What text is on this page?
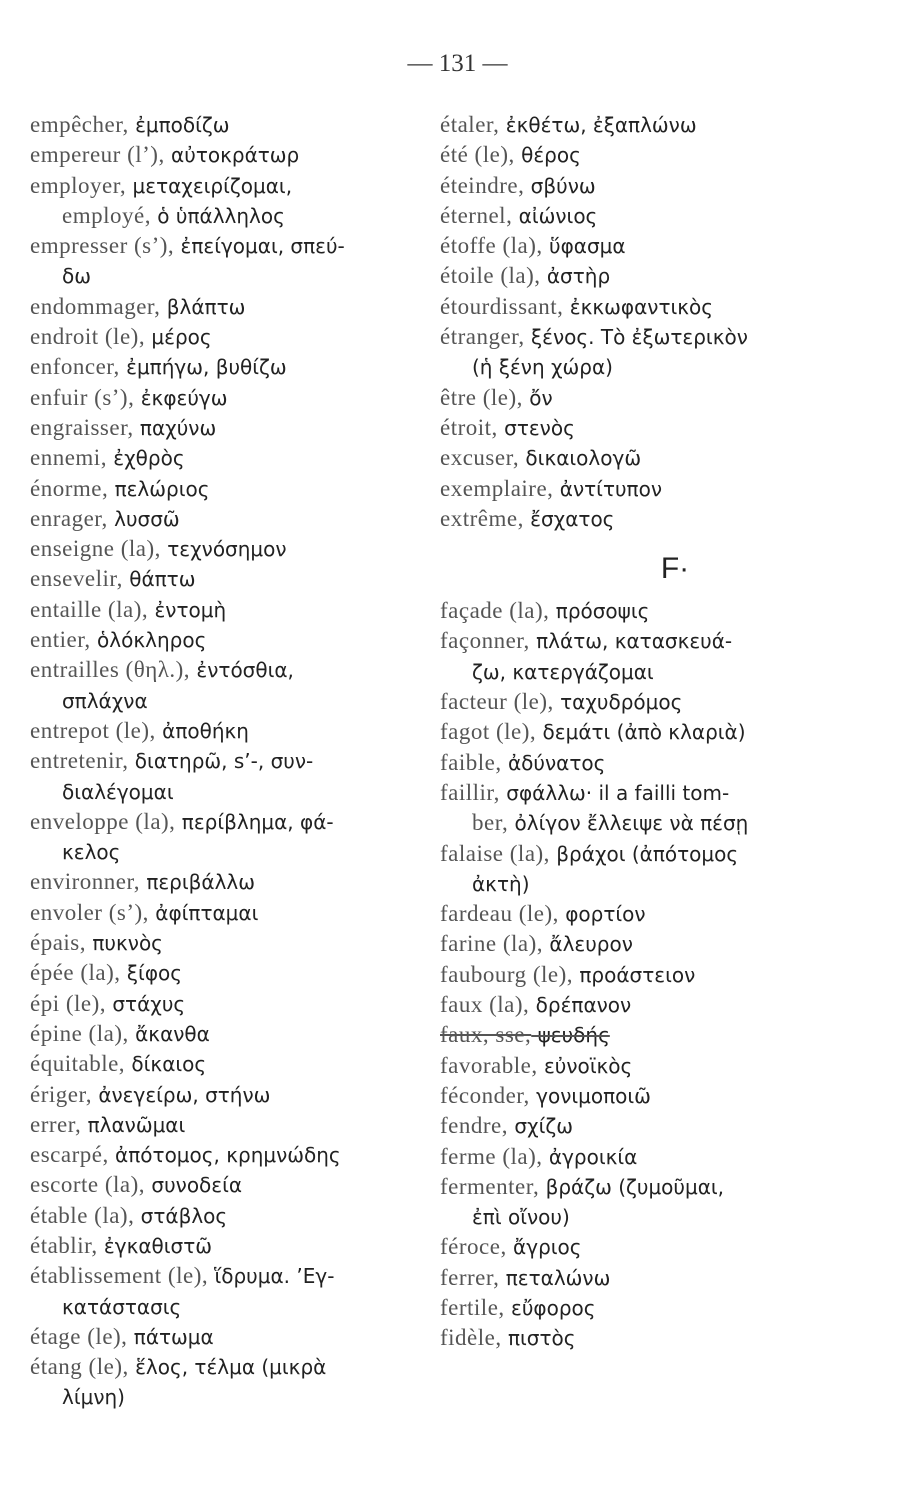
— 131 —
empêcher, ἐμποδίζω
empereur (l’), αὐτοκράτωρ
employer, μεταχειρίζομαι,
employé, ὁ ὑπάλληλος
empresser (s’), ἐπείγομαι, σπεύ-
δω
endommager, βλάπτω
endroit (le), μέρος
enfoncer, ἐμπήγω, βυθίζω
enfuir (s’), ἐκφεύγω
engraisser, παχύνω
ennemi, ἐχθρὸς
énorme, πελώριος
enrager, λυσσῶ
enseigne (la), τεχνόσημον
ensevelir, θάπτω
entaille (la), ἐντομὴ
entier, ὁλόκληρος
entrailles (θηλ.), ἐντόσθια,
σπλάχνα
entrepot (le), ἀποθήκη
entretenir, διατηρῶ, s’-, συν-
διαλέγομαι
enveloppe (la), περίβλημα, φά-
κελος
environner, περιβάλλω
envoler (s’), ἀφίπταμαι
épais, πυκνὸς
épée (la), ξίφος
épi (le), στάχυς
épine (la), ἄκανθα
équitable, δίκαιος
ériger, ἀνεγείρω, στήνω
errer, πλανῶμαι
escarpé, ἀπότομος, κρημνώδης
escorte (la), συνοδεία
étable (la), στάβλος
établir, ἐγκαθιστῶ
établissement (le), ἵδρυμα. ’Εγ-
κατάστασις
étage (le), πάτωμα
étang (le), ἕλος, τέλμα (μικρὰ
λίμνη)
étaler, ἐκθέτω, ἐξαπλώνω
été (le), θέρος
éteindre, σβύνω
éternel, αἰώνιος
étoffe (la), ὕφασμα
étoile (la), ἀστὴρ
étourdissant, ἐκκωφαντικὸς
étranger, ξένος. Τὸ ἐξωτερικὸν
(ἡ ξένη χώρα)
être (le), ὄν
étroit, στενὸς
excuser, δικαιολογῶ
exemplaire, ἀντίτυπον
extrême, ἔσχατος
F·
façade (la), πρόσοψις
façonner, πλάτω, κατασκευά-
ζω, κατεργάζομαι
facteur (le), ταχυδρόμος
fagot (le), δεμάτι (ἀπὸ κλαριὰ)
faible, ἀδύνατος
faillir, σφάλλω· il a failli tom-
ber, ὀλίγον ἔλλειψε νὰ πέσῃ
falaise (la), βράχοι (ἀπότομος
ἀκτὴ)
fardeau (le), φορτίον
farine (la), ἄλευρον
faubourg (le), προάστειον
faux (la), δρέπανον
faux, sse, ψευδής
favorable, εὐνοϊκὸς
féconder, γονιμοποιῶ
fendre, σχίζω
ferme (la), ἀγροικία
fermenter, βράζω (ζυμοῦμαι,
ἐπὶ οἴνου)
féroce, ἄγριος
ferrer, πεταλώνω
fertile, εὔφορος
fidèle, πιστὸς
